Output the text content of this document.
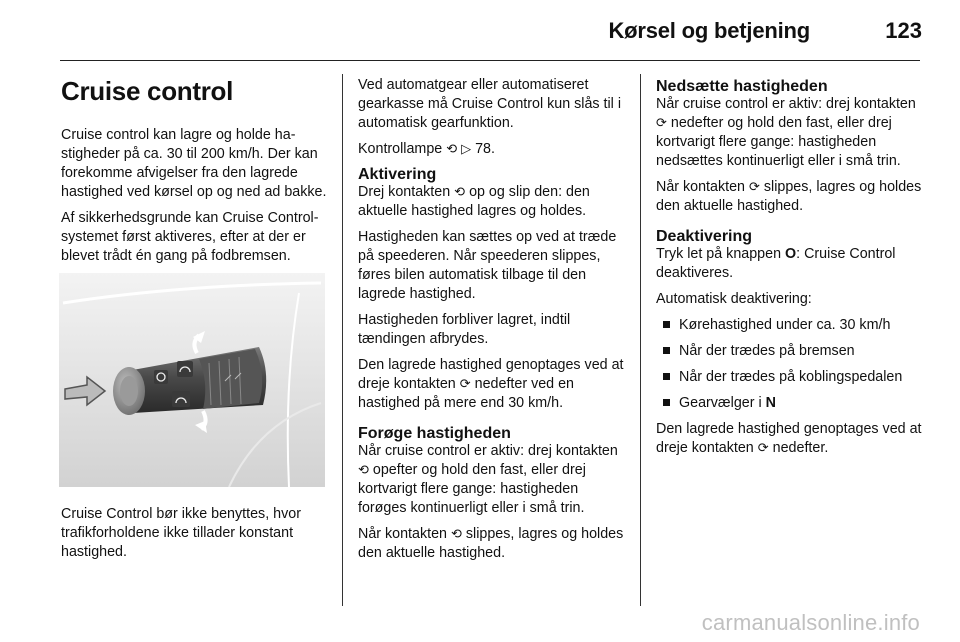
Kørsel og betjening	123
Cruise control

Cruise control kan lagre og holde hastigheder på ca. 30 til 200 km/h. Der kan forekomme afvigelser fra den lagrede hastighed ved kørsel op og ned ad bakke.

Af sikkerhedsgrunde kan Cruise Control-systemet først aktiveres, efter at der er blevet trådt én gang på fodbremsen.

Cruise Control bør ikke benyttes, hvor trafikforholdene ikke tillader konstant hastighed.

Ved automatgear eller automatiseret gearkasse må Cruise Control kun slås til i automatisk gearfunktion.

Kontrollampe ⟲ ▷ 78.

Aktivering

Drej kontakten ⟲ op og slip den: den aktuelle hastighed lagres og holdes.

Hastigheden kan sættes op ved at træde på speederen. Når speederen slippes, føres bilen automatisk tilbage til den lagrede hastighed.

Hastigheden forbliver lagret, indtil tændingen afbrydes.

Den lagrede hastighed genoptages ved at dreje kontakten ⟳ nedefter ved en hastighed på mere end 30 km/h.

Forøge hastigheden

Når cruise control er aktiv: drej kontakten ⟲ opefter og hold den fast, eller drej kortvarigt flere gange: hastigheden forøges kontinuerligt eller i små trin.

Når kontakten ⟲ slippes, lagres og holdes den aktuelle hastighed.

Nedsætte hastigheden

Når cruise control er aktiv: drej kontakten ⟳ nedefter og hold den fast, eller drej kortvarigt flere gange: hastigheden nedsættes kontinuerligt eller i små trin.

Når kontakten ⟳ slippes, lagres og holdes den aktuelle hastighed.

Deaktivering

Tryk let på knappen O: Cruise Control deaktiveres.

Automatisk deaktivering:

Kørehastighed under ca. 30 km/h
Når der trædes på bremsen
Når der trædes på koblingspedalen
Gearvælger i N

Den lagrede hastighed genoptages ved at dreje kontakten ⟳ nedefter.

carmanualsonline.info
